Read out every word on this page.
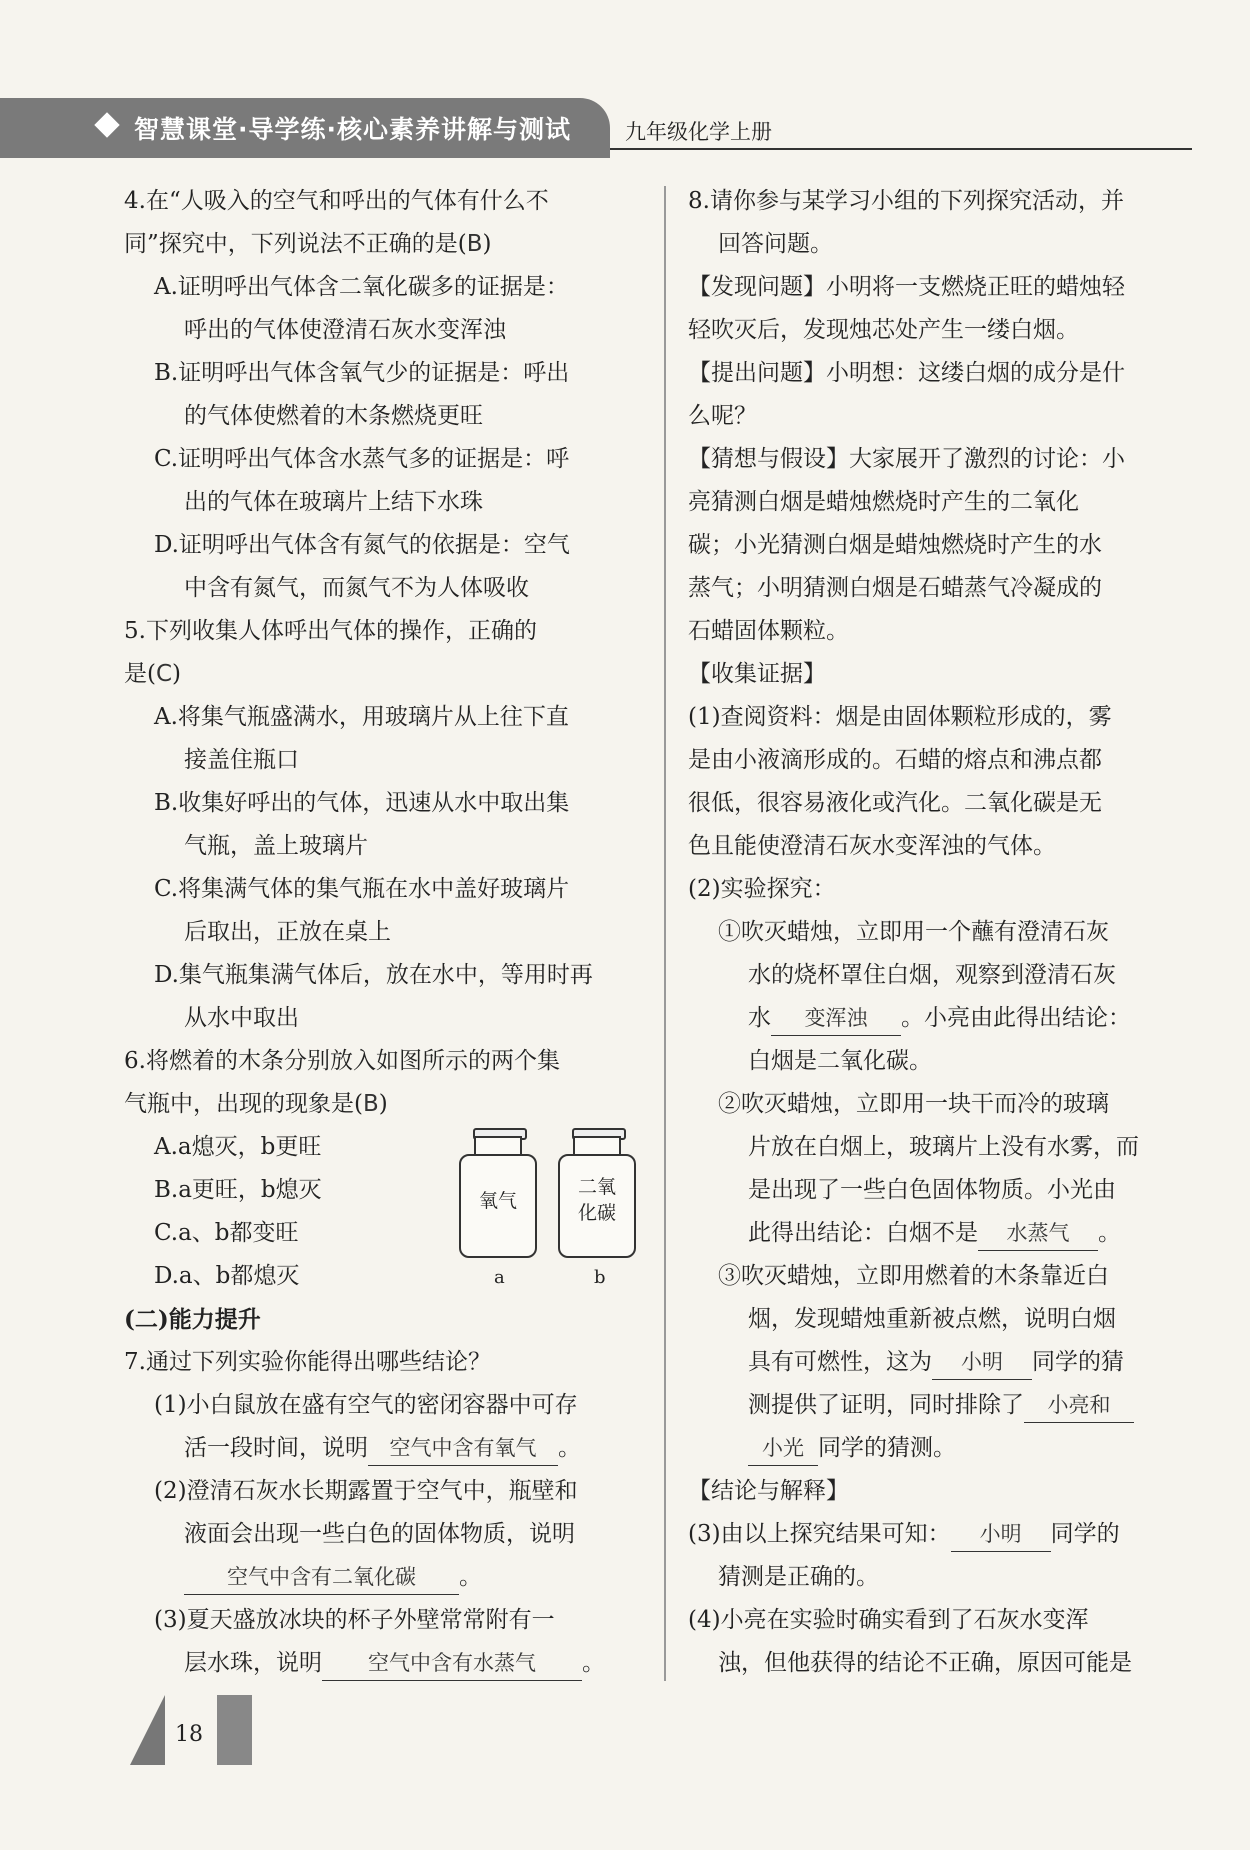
智慧课堂·导学练·核心素养讲解与测试	九年级化学上册
4.在“人吸入的空气和呼出的气体有什么不
同”探究中，下列说法不正确的是(B)
A.证明呼出气体含二氧化碳多的证据是：
呼出的气体使澄清石灰水变浑浊
B.证明呼出气体含氧气少的证据是：呼出
的气体使燃着的木条燃烧更旺
C.证明呼出气体含水蒸气多的证据是：呼
出的气体在玻璃片上结下水珠
D.证明呼出气体含有氮气的依据是：空气
中含有氮气，而氮气不为人体吸收
5.下列收集人体呼出气体的操作，正确的
是(C)
A.将集气瓶盛满水，用玻璃片从上往下直
接盖住瓶口
B.收集好呼出的气体，迅速从水中取出集
气瓶，盖上玻璃片
C.将集满气体的集气瓶在水中盖好玻璃片
后取出，正放在桌上
D.集气瓶集满气体后，放在水中，等用时再
从水中取出
6.将燃着的木条分别放入如图所示的两个集
气瓶中，出现的现象是(B)
A.a熄灭，b更旺
B.a更旺，b熄灭
C.a、b都变旺
氧气
a
二氧
化碳
b
D.a、b都熄灭
(二)能力提升
7.通过下列实验你能得出哪些结论？
(1)小白鼠放在盛有空气的密闭容器中可存
活一段时间，说明 空气中含有氧气 。
(2)澄清石灰水长期露置于空气中，瓶壁和
液面会出现一些白色的固体物质，说明
空气中含有二氧化碳 。
(3)夏天盛放冰块的杯子外壁常常附有一
层水珠，说明 空气中含有水蒸气 。
8.请你参与某学习小组的下列探究活动，并
回答问题。
【发现问题】小明将一支燃烧正旺的蜡烛轻
轻吹灭后，发现烛芯处产生一缕白烟。
【提出问题】小明想：这缕白烟的成分是什
么呢？
【猜想与假设】大家展开了激烈的讨论：小
亮猜测白烟是蜡烛燃烧时产生的二氧化
碳；小光猜测白烟是蜡烛燃烧时产生的水
蒸气；小明猜测白烟是石蜡蒸气冷凝成的
石蜡固体颗粒。
【收集证据】
(1)查阅资料：烟是由固体颗粒形成的，雾
是由小液滴形成的。石蜡的熔点和沸点都
很低，很容易液化或汽化。二氧化碳是无
色且能使澄清石灰水变浑浊的气体。
(2)实验探究：
①吹灭蜡烛，立即用一个蘸有澄清石灰
水的烧杯罩住白烟，观察到澄清石灰
水 变浑浊 。小亮由此得出结论：
白烟是二氧化碳。
②吹灭蜡烛，立即用一块干而冷的玻璃
片放在白烟上，玻璃片上没有水雾，而
是出现了一些白色固体物质。小光由
此得出结论：白烟不是 水蒸气 。
③吹灭蜡烛，立即用燃着的木条靠近白
烟，发现蜡烛重新被点燃，说明白烟
具有可燃性，这为 小明 同学的猜
测提供了证明，同时排除了 小亮和
小光 同学的猜测。
【结论与解释】
(3)由以上探究结果可知： 小明 同学的
猜测是正确的。
(4)小亮在实验时确实看到了石灰水变浑
浊，但他获得的结论不正确，原因可能是
18
